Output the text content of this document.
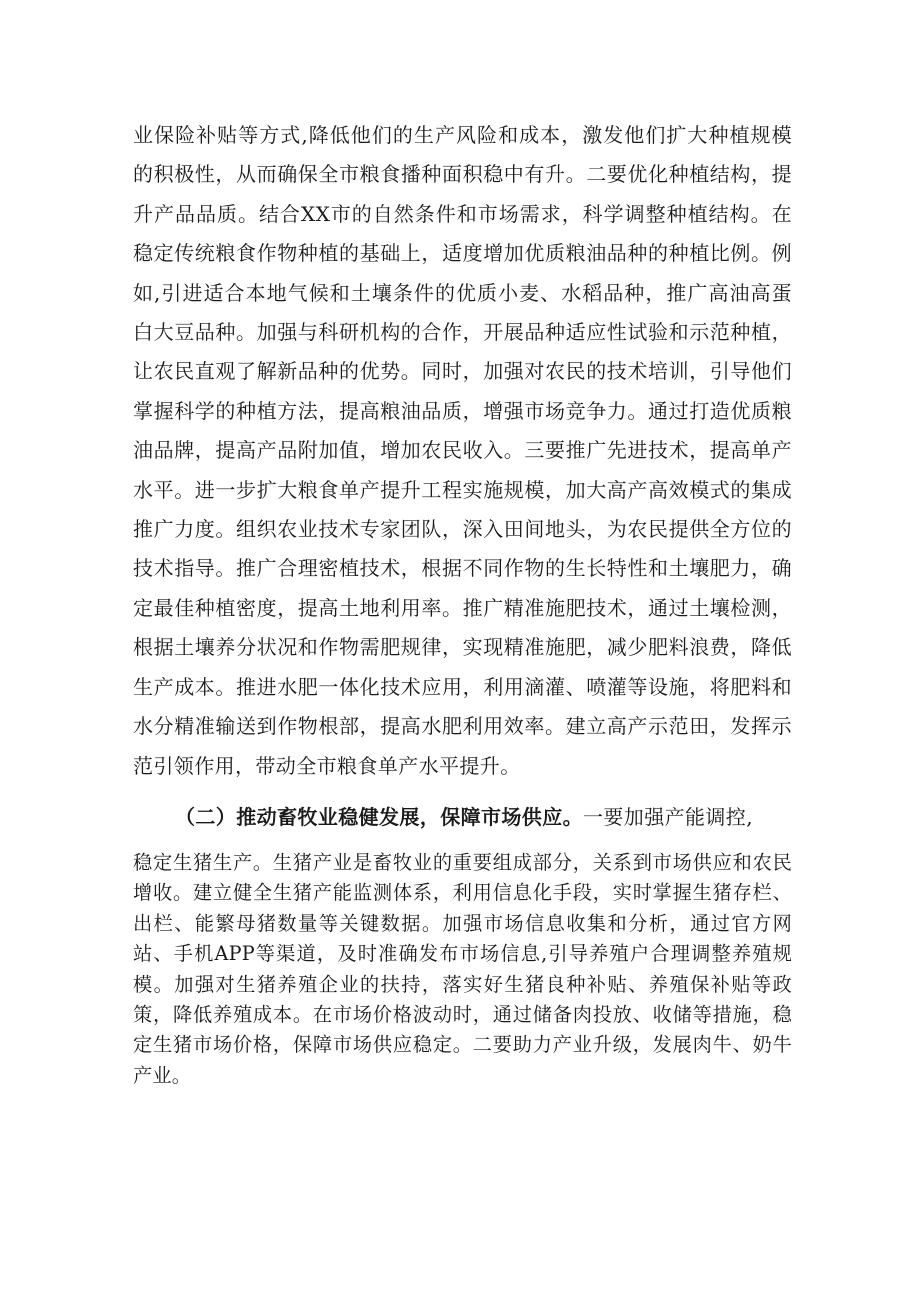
业保险补贴等方式,降低他们的生产风险和成本，激发他们扩大种植规模的积极性，从而确保全市粮食播种面积稳中有升。二要优化种植结构，提升产品品质。结合XX市的自然条件和市场需求，科学调整种植结构。在稳定传统粮食作物种植的基础上，适度增加优质粮油品种的种植比例。例如,引进适合本地气候和土壤条件的优质小麦、水稻品种，推广高油高蛋白大豆品种。加强与科研机构的合作，开展品种适应性试验和示范种植，让农民直观了解新品种的优势。同时，加强对农民的技术培训，引导他们掌握科学的种植方法，提高粮油品质，增强市场竞争力。通过打造优质粮油品牌，提高产品附加值，增加农民收入。三要推广先进技术，提高单产水平。进一步扩大粮食单产提升工程实施规模，加大高产高效模式的集成推广力度。组织农业技术专家团队，深入田间地头，为农民提供全方位的技术指导。推广合理密植技术，根据不同作物的生长特性和土壤肥力，确定最佳种植密度，提高土地利用率。推广精准施肥技术，通过土壤检测，根据土壤养分状况和作物需肥规律，实现精准施肥，减少肥料浪费，降低生产成本。推进水肥一体化技术应用，利用滴灌、喷灌等设施，将肥料和水分精准输送到作物根部，提高水肥利用效率。建立高产示范田，发挥示范引领作用，带动全市粮食单产水平提升。

（二）推动畜牧业稳健发展，保障市场供应。一要加强产能调控,

稳定生猪生产。生猪产业是畜牧业的重要组成部分，关系到市场供应和农民增收。建立健全生猪产能监测体系，利用信息化手段，实时掌握生猪存栏、出栏、能繁母猪数量等关键数据。加强市场信息收集和分析，通过官方网站、手机APP等渠道，及时准确发布市场信息,引导养殖户合理调整养殖规模。加强对生猪养殖企业的扶持，落实好生猪良种补贴、养殖保补贴等政策，降低养殖成本。在市场价格波动时，通过储备肉投放、收储等措施，稳定生猪市场价格，保障市场供应稳定。二要助力产业升级，发展肉牛、奶牛产业。
